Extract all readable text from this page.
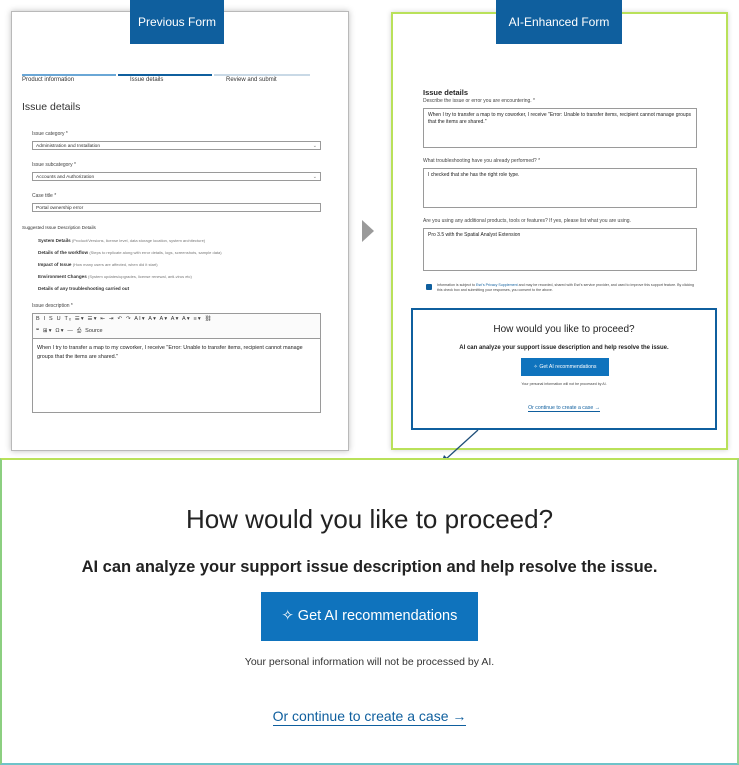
Previous Form
Product information	Issue details	Review and submit
Issue details
Issue category *
Administration and Installation	⌄
Issue subcategory *
Accounts and Authorization	⌄
Case title *
Portal ownership error
Suggested Issue Description Details
System Details (Product/Versions, license level, data storage location, system architecture)
Details of the workflow (Steps to replicate along with error details, logs, screenshots, sample data)
Impact of Issue (How many users are affected, when did it start)
Environment Changes (System updates/upgrades, license renewal, anti-virus etc)
Details of any troubleshooting carried out
Issue description *
B I S U Tₓ ☰▾ ☰▾ ⇤ ⇥ ↶ ↷ AI▾ A▾ A▾ A▾ A▾ ≡▾ ⛓
❝ ⊞▾ Ω▾ — ⎙ Source
When I try to transfer a map to my coworker, I receive "Error: Unable to transfer items, recipient cannot manage groups that the items are shared."
AI-Enhanced Form
Issue details
Describe the issue or error you are encountering. *
When I try to transfer a map to my coworker, I receive "Error: Unable to transfer items, recipient cannot manage groups that the items are shared."
What troubleshooting have you already performed? *
I checked that she has the right role type.
Are you using any additional products, tools or features? If yes, please list what you are using.
Pro 3.5 with the Spatial Analyst Extension
Information is subject to Esri's Privacy Supplement and may be recorded, shared with Esri's service provider, and used to improve this support feature. By clicking this check box and submitting your responses, you consent to the above.
How would you like to proceed?
AI can analyze your support issue description and help resolve the issue.
✧ Get AI recommendations
Your personal information will not be processed by AI.
Or continue to create a case →
How would you like to proceed?
AI can analyze your support issue description and help resolve the issue.
✧ Get AI recommendations
Your personal information will not be processed by AI.
Or continue to create a case →
